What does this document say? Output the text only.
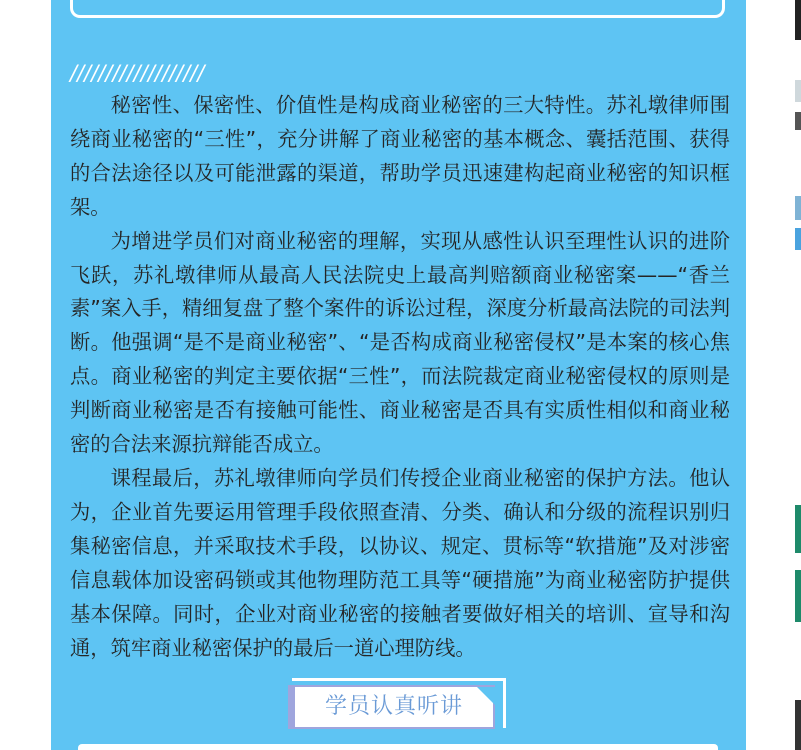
///////////////////

秘密性、保密性、价值性是构成商业秘密的三大特性。苏礼墩律师围绕商业秘密的“三性”，充分讲解了商业秘密的基本概念、囊括范围、获得的合法途径以及可能泄露的渠道，帮助学员迅速建构起商业秘密的知识框架。

为增进学员们对商业秘密的理解，实现从感性认识至理性认识的进阶飞跃，苏礼墩律师从最高人民法院史上最高判赔额商业秘密案——“香兰素”案入手，精细复盘了整个案件的诉讼过程，深度分析最高法院的司法判断。他强调“是不是商业秘密”、“是否构成商业秘密侵权”是本案的核心焦点。商业秘密的判定主要依据“三性”，而法院裁定商业秘密侵权的原则是判断商业秘密是否有接触可能性、商业秘密是否具有实质性相似和商业秘密的合法来源抗辩能否成立。

课程最后，苏礼墩律师向学员们传授企业商业秘密的保护方法。他认为，企业首先要运用管理手段依照查清、分类、确认和分级的流程识别归集秘密信息，并采取技术手段，以协议、规定、贯标等“软措施”及对涉密信息载体加设密码锁或其他物理防范工具等“硬措施”为商业秘密防护提供基本保障。同时，企业对商业秘密的接触者要做好相关的培训、宣导和沟通，筑牢商业秘密保护的最后一道心理防线。

学员认真听讲
